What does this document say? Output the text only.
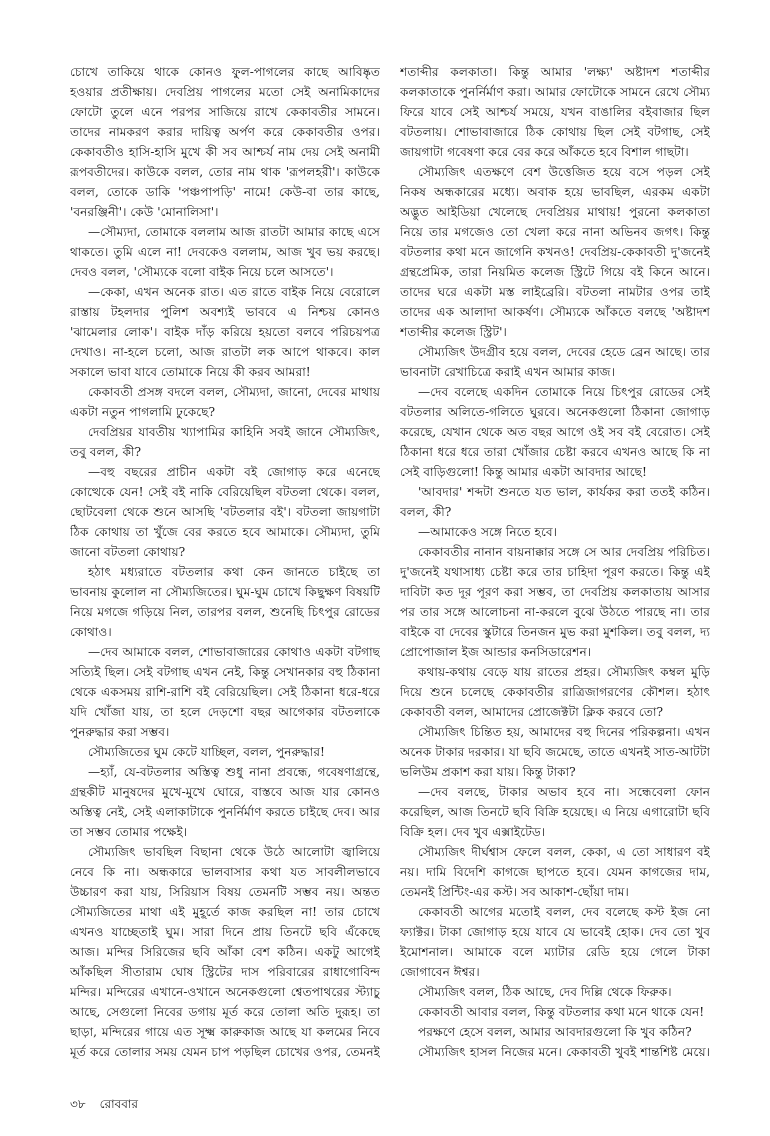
চোখে তাকিয়ে থাকে কোনও ফুল-পাগলের কাছে আবিষ্কৃত হওয়ার প্রতীক্ষায়। দেবপ্রিয় পাগলের মতো সেই অনামিকাদের ফোটো তুলে এনে পরপর সাজিয়ে রাখে কেকাবতীর সামনে। তাদের নামকরণ করার দায়িত্ব অর্পণ করে কেকাবতীর ওপর। কেকাবতীও হাসি-হাসি মুখে কী সব আশ্চর্য নাম দেয় সেই অনামী রূপবতীদের। কাউকে বলল, তোর নাম থাক 'রূপলহরী'। কাউকে বলল, তোকে ডাকি 'পঞ্চপাপড়ি' নামে! কেউ-বা তার কাছে, 'বনরঞ্জিনী'। কেউ 'মোনালিসা'।

—সৌম্যদা, তোমাকে বললাম আজ রাতটা আমার কাছে এসে থাকতে। তুমি এলে না! দেবকেও বললাম, আজ খুব ভয় করছে। দেবও বলল, 'সৌম্যকে বলো বাইক নিয়ে চলে আসতে'।

—কেকা, এখন অনেক রাত। এত রাতে বাইক নিয়ে বেরোলে রাস্তায় টহলদার পুলিশ অবশ্যই ভাববে এ নিশ্চয় কোনও 'ঝামেলার লোক'। বাইক দাঁড় করিয়ে হয়তো বলবে পরিচয়পত্র দেখাও। না-হলে চলো, আজ রাতটা লক আপে থাকবে। কাল সকালে ভাবা যাবে তোমাকে নিয়ে কী করব আমরা!

কেকাবতী প্রসঙ্গ বদলে বলল, সৌম্যদা, জানো, দেবের মাথায় একটা নতুন পাগলামি ঢুকেছে?

দেবপ্রিয়র যাবতীয় খ্যাপামির কাহিনি সবই জানে সৌম্যজিৎ, তবু বলল, কী?

—বহু বছরের প্রাচীন একটা বই জোগাড় করে এনেছে কোত্থেকে যেন! সেই বই নাকি বেরিয়েছিল বটতলা থেকে। বলল, ছোটবেলা থেকে শুনে আসছি 'বটতলার বই'। বটতলা জায়গাটা ঠিক কোথায় তা খুঁজে বের করতে হবে আমাকে। সৌম্যদা, তুমি জানো বটতলা কোথায়?

হঠাৎ মধ্যরাতে বটতলার কথা কেন জানতে চাইছে তা ভাবনায় কুলোল না সৌম্যজিতের। ঘুম-ঘুম চোখে কিছুক্ষণ বিষয়টি নিয়ে মগজে গড়িয়ে নিল, তারপর বলল, শুনেছি চিৎপুর রোডের কোথাও।

—দেব আমাকে বলল, শোভাবাজারের কোথাও একটা বটগাছ সত্যিই ছিল। সেই বটগাছ এখন নেই, কিন্তু সেখানকার বহু ঠিকানা থেকে একসময় রাশি-রাশি বই বেরিয়েছিল। সেই ঠিকানা ধরে-ধরে যদি খোঁজা যায়, তা হলে দেড়শো বছর আগেকার বটতলাকে পুনরুদ্ধার করা সম্ভব।

সৌম্যজিতের ঘুম কেটে যাচ্ছিল, বলল, পুনরুদ্ধার!

—হ্যাঁ, যে-বটতলার অস্তিত্ব শুধু নানা প্রবন্ধে, গবেষণাগ্রন্থে, গ্রন্থকীট মানুষদের মুখে-মুখে ঘোরে, বাস্তবে আজ যার কোনও অস্তিত্ব নেই, সেই এলাকাটাকে পুনর্নির্মাণ করতে চাইছে দেব। আর তা সম্ভব তোমার পক্ষেই।

সৌম্যজিৎ ভাবছিল বিছানা থেকে উঠে আলোটা জ্বালিয়ে নেবে কি না। অন্ধকারে ভালবাসার কথা যত সাবলীলভাবে উচ্চারণ করা যায়, সিরিয়াস বিষয় তেমনটি সম্ভব নয়। অন্তত সৌম্যজিতের মাথা এই মুহূর্তে কাজ করছিল না! তার চোখে এখনও যাচ্ছেতাই ঘুম। সারা দিনে প্রায় তিনটে ছবি এঁকেছে আজ। মন্দির সিরিজের ছবি আঁকা বেশ কঠিন। একটু আগেই আঁকছিল সীতারাম ঘোষ স্ট্রিটের দাস পরিবারের রাধাগোবিন্দ মন্দির। মন্দিরের এখানে-ওখানে অনেকগুলো শ্বেতপাথরের স্ট্যাচু আছে, সেগুলো নিবের ডগায় মূর্ত করে তোলা অতি দুরূহ। তা ছাড়া, মন্দিরের গায়ে এত সূক্ষ্ম কারুকাজ আছে যা কলমের নিবে মূর্ত করে তোলার সময় যেমন চাপ পড়ছিল চোখের ওপর, তেমনই

শতাব্দীর কলকাতা। কিন্তু আমার 'লক্ষ্য' অষ্টাদশ শতাব্দীর কলকাতাকে পুনর্নির্মাণ করা। আমার ফোটোকে সামনে রেখে সৌম্য ফিরে যাবে সেই আশ্চর্য সময়ে, যখন বাঙালির বইবাজার ছিল বটতলায়। শোভাবাজারে ঠিক কোথায় ছিল সেই বটগাছ, সেই জায়গাটা গবেষণা করে বের করে আঁকতে হবে বিশাল গাছটা।

সৌম্যজিৎ এতক্ষণে বেশ উত্তেজিত হয়ে বসে পড়ল সেই নিকষ অন্ধকারের মধ্যে। অবাক হয়ে ভাবছিল, এরকম একটা অদ্ভুত আইডিয়া খেলেছে দেবপ্রিয়র মাথায়! পুরনো কলকাতা নিয়ে তার মগজেও তো খেলা করে নানা অভিনব জগৎ। কিন্তু বটতলার কথা মনে জাগেনি কখনও! দেবপ্রিয়-কেকাবতী দু'জনেই গ্রন্থপ্রেমিক, তারা নিয়মিত কলেজ স্ট্রিটে গিয়ে বই কিনে আনে। তাদের ঘরে একটা মস্ত লাইব্রেরি। বটতলা নামটার ওপর তাই তাদের এক আলাদা আকর্ষণ। সৌম্যকে আঁকতে বলছে 'অষ্টাদশ শতাব্দীর কলেজ স্ট্রিট'।

সৌম্যজিৎ উদগ্রীব হয়ে বলল, দেবের হেডে ব্রেন আছে। তার ভাবনাটা রেখাচিত্রে করাই এখন আমার কাজ।

—দেব বলেছে একদিন তোমাকে নিয়ে চিৎপুর রোডের সেই বটতলার অলিতে-গলিতে ঘুরবে। অনেকগুলো ঠিকানা জোগাড় করেছে, যেখান থেকে অত বছর আগে ওই সব বই বেরোত। সেই ঠিকানা ধরে ধরে তারা খোঁজার চেষ্টা করবে এখনও আছে কি না সেই বাড়িগুলো! কিন্তু আমার একটা আবদার আছে!

'আবদার' শব্দটা শুনতে যত ভাল, কার্যকর করা ততই কঠিন। বলল, কী?

—আমাকেও সঙ্গে নিতে হবে।

কেকাবতীর নানান বায়নাক্কার সঙ্গে সে আর দেবপ্রিয় পরিচিত। দু'জনেই যথাসাধ্য চেষ্টা করে তার চাহিদা পূরণ করতে। কিন্তু এই দাবিটা কত দূর পূরণ করা সম্ভব, তা দেবপ্রিয় কলকাতায় আসার পর তার সঙ্গে আলোচনা না-করলে বুঝে উঠতে পারছে না। তার বাইকে বা দেবের স্কুটারে তিনজন মুভ করা মুশকিল। তবু বলল, দ্য প্রোপোজাল ইজ আন্ডার কনসিডারেশন।

কথায়-কথায় বেড়ে যায় রাতের প্রহর। সৌম্যজিৎ কম্বল মুড়ি দিয়ে শুনে চলেছে কেকাবতীর রাত্রিজাগরণের কৌশল। হঠাৎ কেকাবতী বলল, আমাদের প্রোজেক্টটা ক্লিক করবে তো?

সৌম্যজিৎ চিন্তিত হয়, আমাদের বহু দিনের পরিকল্পনা। এখন অনেক টাকার দরকার। যা ছবি জমেছে, তাতে এখনই সাত-আটটা ভলিউম প্রকাশ করা যায়। কিন্তু টাকা?

—দেব বলছে, টাকার অভাব হবে না। সন্ধেবেলা ফোন করেছিল, আজ তিনটে ছবি বিক্রি হয়েছে। এ নিয়ে এগারোটা ছবি বিক্রি হল। দেব খুব এক্সাইটেড।

সৌম্যজিৎ দীর্ঘশ্বাস ফেলে বলল, কেকা, এ তো সাধারণ বই নয়। দামি বিদেশি কাগজে ছাপতে হবে। যেমন কাগজের দাম, তেমনই প্রিন্টিং-এর কস্ট। সব আকাশ-ছোঁয়া দাম।

কেকাবতী আগের মতোই বলল, দেব বলেছে কস্ট ইজ নো ফ্যাক্টর। টাকা জোগাড় হয়ে যাবে যে ভাবেই হোক। দেব তো খুব ইমোশনাল। আমাকে বলে ম্যাটার রেডি হয়ে গেলে টাকা জোগাবেন ঈশ্বর।

সৌম্যজিৎ বলল, ঠিক আছে, দেব দিল্লি থেকে ফিরুক।

কেকাবতী আবার বলল, কিন্তু বটতলার কথা মনে থাকে যেন!

পরক্ষণে হেসে বলল, আমার আবদারগুলো কি খুব কঠিন?

সৌম্যজিৎ হাসল নিজের মনে। কেকাবতী খুবই শান্তশিষ্ট মেয়ে।

৩৮ রোববার
